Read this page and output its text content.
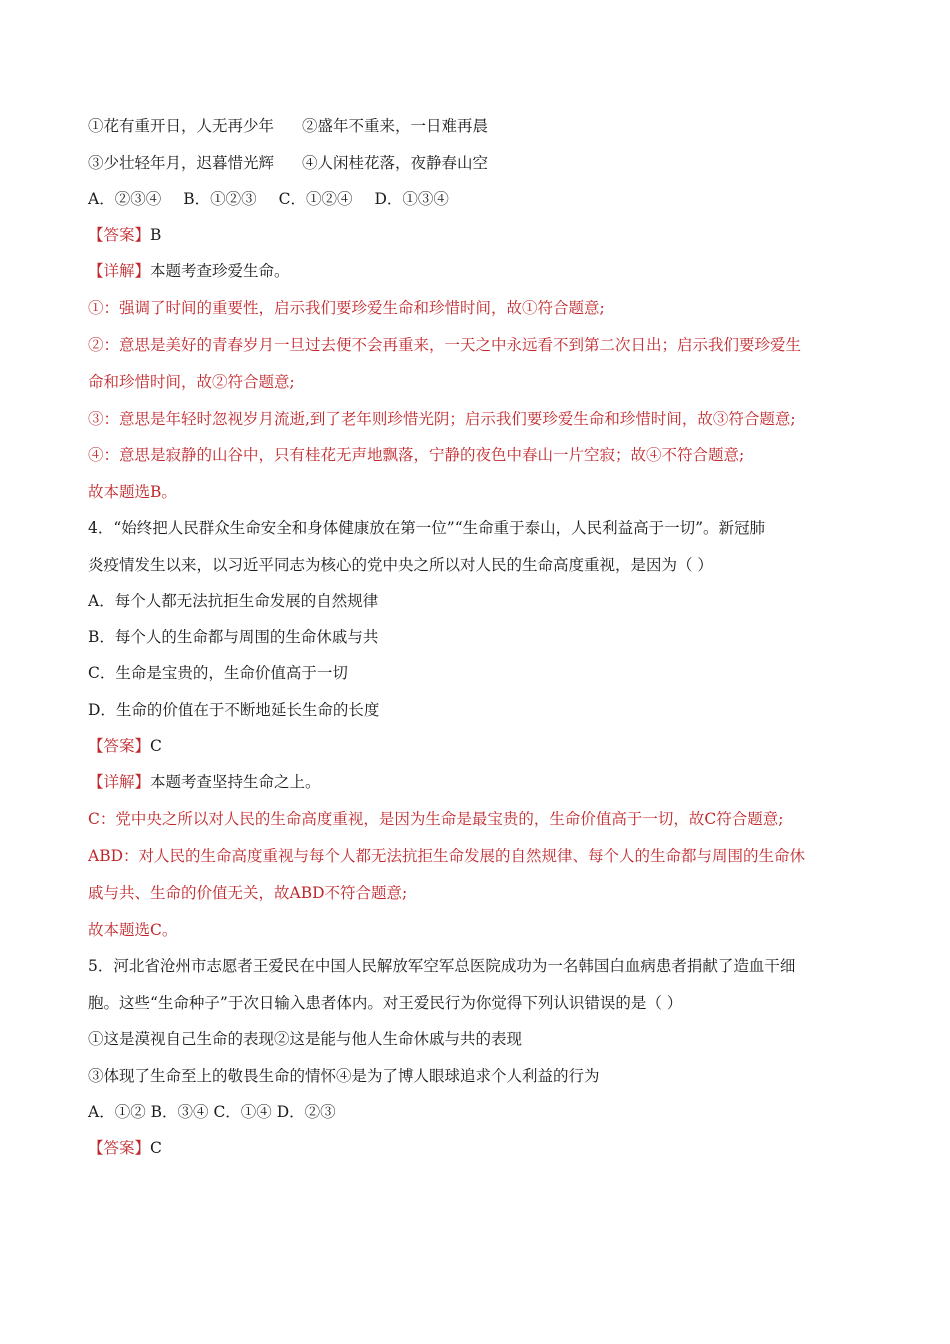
①花有重开日，人无再少年 ②盛年不重来，一日难再晨

③少壮轻年月，迟暮惜光辉 ④人闲桂花落，夜静春山空

A．②③④ B．①②③ C．①②④ D．①③④

【答案】B

【详解】本题考查珍爱生命。

①：强调了时间的重要性，启示我们要珍爱生命和珍惜时间，故①符合题意;

②：意思是美好的青春岁月一旦过去便不会再重来，一天之中永远看不到第二次日出；启示我们要珍爱生

命和珍惜时间，故②符合题意;

③：意思是年轻时忽视岁月流逝,到了老年则珍惜光阴；启示我们要珍爱生命和珍惜时间，故③符合题意;

④：意思是寂静的山谷中，只有桂花无声地飘落，宁静的夜色中春山一片空寂；故④不符合题意;

故本题选B。

4．“始终把人民群众生命安全和身体健康放在第一位”“生命重于泰山，人民利益高于一切”。新冠肺

炎疫情发生以来，以习近平同志为核心的党中央之所以对人民的生命高度重视，是因为（ ）

A．每个人都无法抗拒生命发展的自然规律

B．每个人的生命都与周围的生命休戚与共

C．生命是宝贵的，生命价值高于一切

D．生命的价值在于不断地延长生命的长度

【答案】C

【详解】本题考查坚持生命之上。

C：党中央之所以对人民的生命高度重视，是因为生命是最宝贵的，生命价值高于一切，故C符合题意;

ABD：对人民的生命高度重视与每个人都无法抗拒生命发展的自然规律、每个人的生命都与周围的生命休

戚与共、生命的价值无关，故ABD不符合题意;

故本题选C。

5．河北省沧州市志愿者王爱民在中国人民解放军空军总医院成功为一名韩国白血病患者捐献了造血干细

胞。这些“生命种子”于次日输入患者体内。对王爱民行为你觉得下列认识错误的是（ ）

①这是漠视自己生命的表现②这是能与他人生命休戚与共的表现

③体现了生命至上的敬畏生命的情怀④是为了博人眼球追求个人利益的行为

A．①② B．③④ C．①④ D．②③

【答案】C
